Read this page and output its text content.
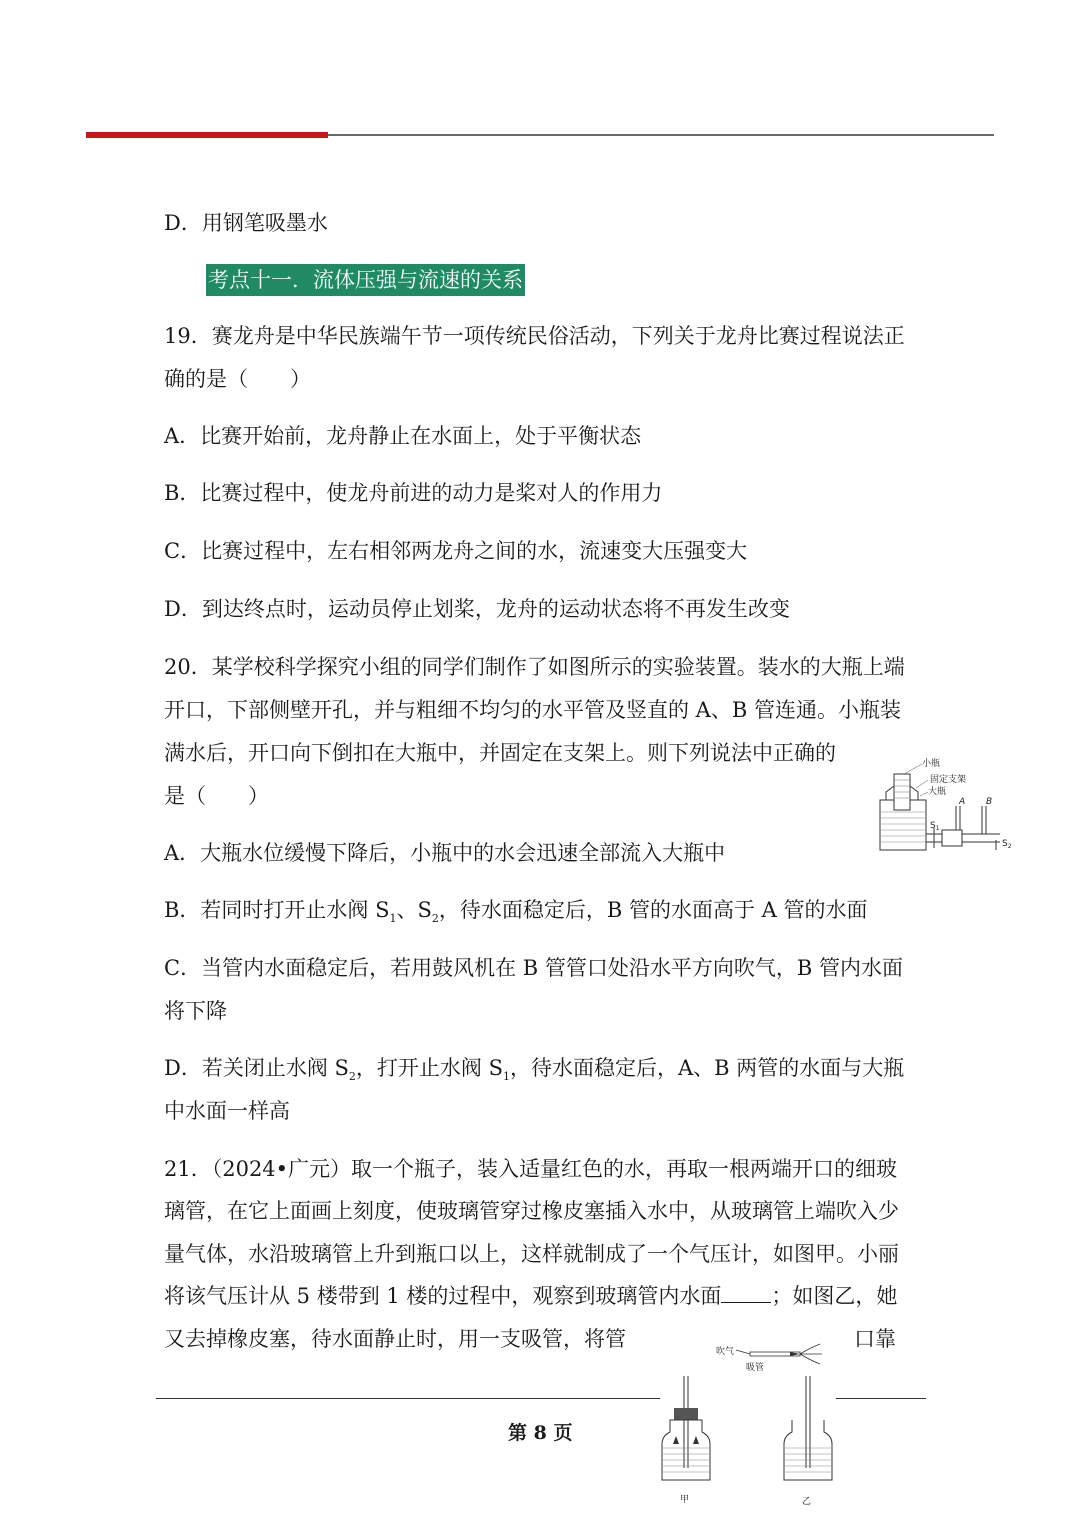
D．用钢笔吸墨水
考点十一．流体压强与流速的关系
19．赛龙舟是中华民族端午节一项传统民俗活动，下列关于龙舟比赛过程说法正
确的是（　　）
A．比赛开始前，龙舟静止在水面上，处于平衡状态
B．比赛过程中，使龙舟前进的动力是桨对人的作用力
C．比赛过程中，左右相邻两龙舟之间的水，流速变大压强变大
D．到达终点时，运动员停止划桨，龙舟的运动状态将不再发生改变
20．某学校科学探究小组的同学们制作了如图所示的实验装置。装水的大瓶上端
开口，下部侧壁开孔，并与粗细不均匀的水平管及竖直的 A、B 管连通。小瓶装
满水后，开口向下倒扣在大瓶中，并固定在支架上。则下列说法中正确的
是（　　）
小瓶
固定支架
大瓶
A B
$S_1$
$S_2$
A．大瓶水位缓慢下降后，小瓶中的水会迅速全部流入大瓶中
B．若同时打开止水阀 $S_1$、$S_2$，待水面稳定后，B 管的水面高于 A 管的水面
C．当管内水面稳定后，若用鼓风机在 B 管管口处沿水平方向吹气，B 管内水面
将下降
D．若关闭止水阀 $S_2$，打开止水阀 $S_1$，待水面稳定后，A、B 两管的水面与大瓶
中水面一样高
21．（2024•广元）取一个瓶子，装入适量红色的水，再取一根两端开口的细玻
璃管，在它上面画上刻度，使玻璃管穿过橡皮塞插入水中，从玻璃管上端吹入少
量气体，水沿玻璃管上升到瓶口以上，这样就制成了一个气压计，如图甲。小丽
将该气压计从 5 楼带到 1 楼的过程中，观察到玻璃管内水面 ；如图乙，她
又去掉橡皮塞，待水面静止时，用一支吸管，将管	口靠
第 8 页
吹气
吸管
甲	乙
